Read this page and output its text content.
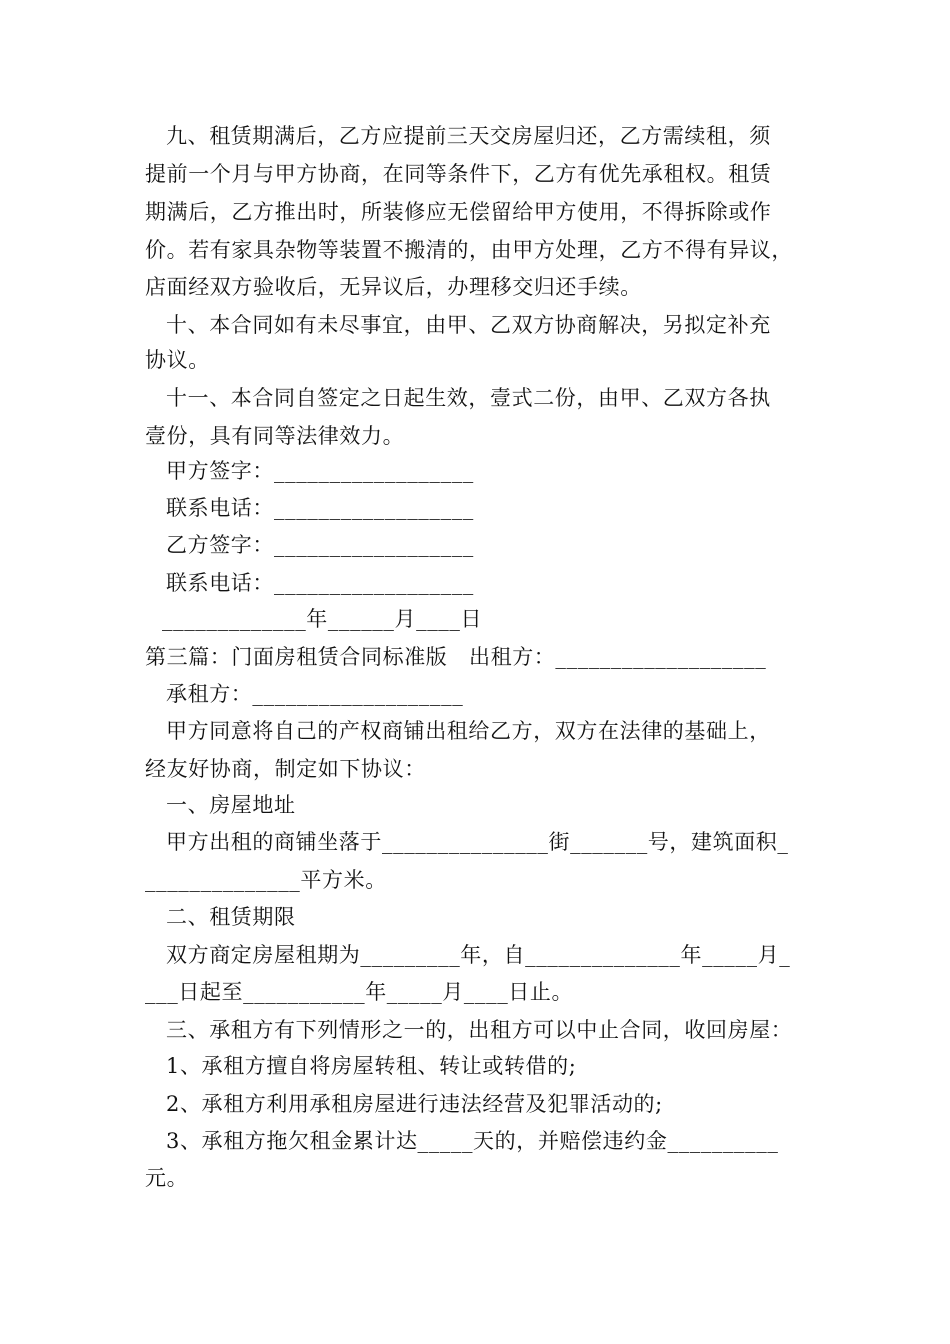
九、租赁期满后，乙方应提前三天交房屋归还，乙方需续租，须
提前一个月与甲方协商，在同等条件下，乙方有优先承租权。租赁
期满后，乙方推出时，所装修应无偿留给甲方使用，不得拆除或作
价。若有家具杂物等装置不搬清的，由甲方处理，乙方不得有异议，
店面经双方验收后，无异议后，办理移交归还手续。
十、本合同如有未尽事宜，由甲、乙双方协商解决，另拟定补充
协议。
十一、本合同自签定之日起生效，壹式二份，由甲、乙双方各执
壹份，具有同等法律效力。
甲方签字：__________________
联系电话：__________________
乙方签字：__________________
联系电话：__________________
_____________年______月____日
第三篇：门面房租赁合同标准版　出租方：___________________
承租方：___________________
甲方同意将自己的产权商铺出租给乙方，双方在法律的基础上，
经友好协商，制定如下协议：
一、房屋地址
甲方出租的商铺坐落于_______________街_______号，建筑面积_
______________平方米。
二、租赁期限
双方商定房屋租期为_________年，自______________年_____月_
___日起至___________年_____月____日止。
三、承租方有下列情形之一的，出租方可以中止合同，收回房屋：
1、承租方擅自将房屋转租、转让或转借的;
2、承租方利用承租房屋进行违法经营及犯罪活动的;
3、承租方拖欠租金累计达_____天的，并赔偿违约金__________
元。
